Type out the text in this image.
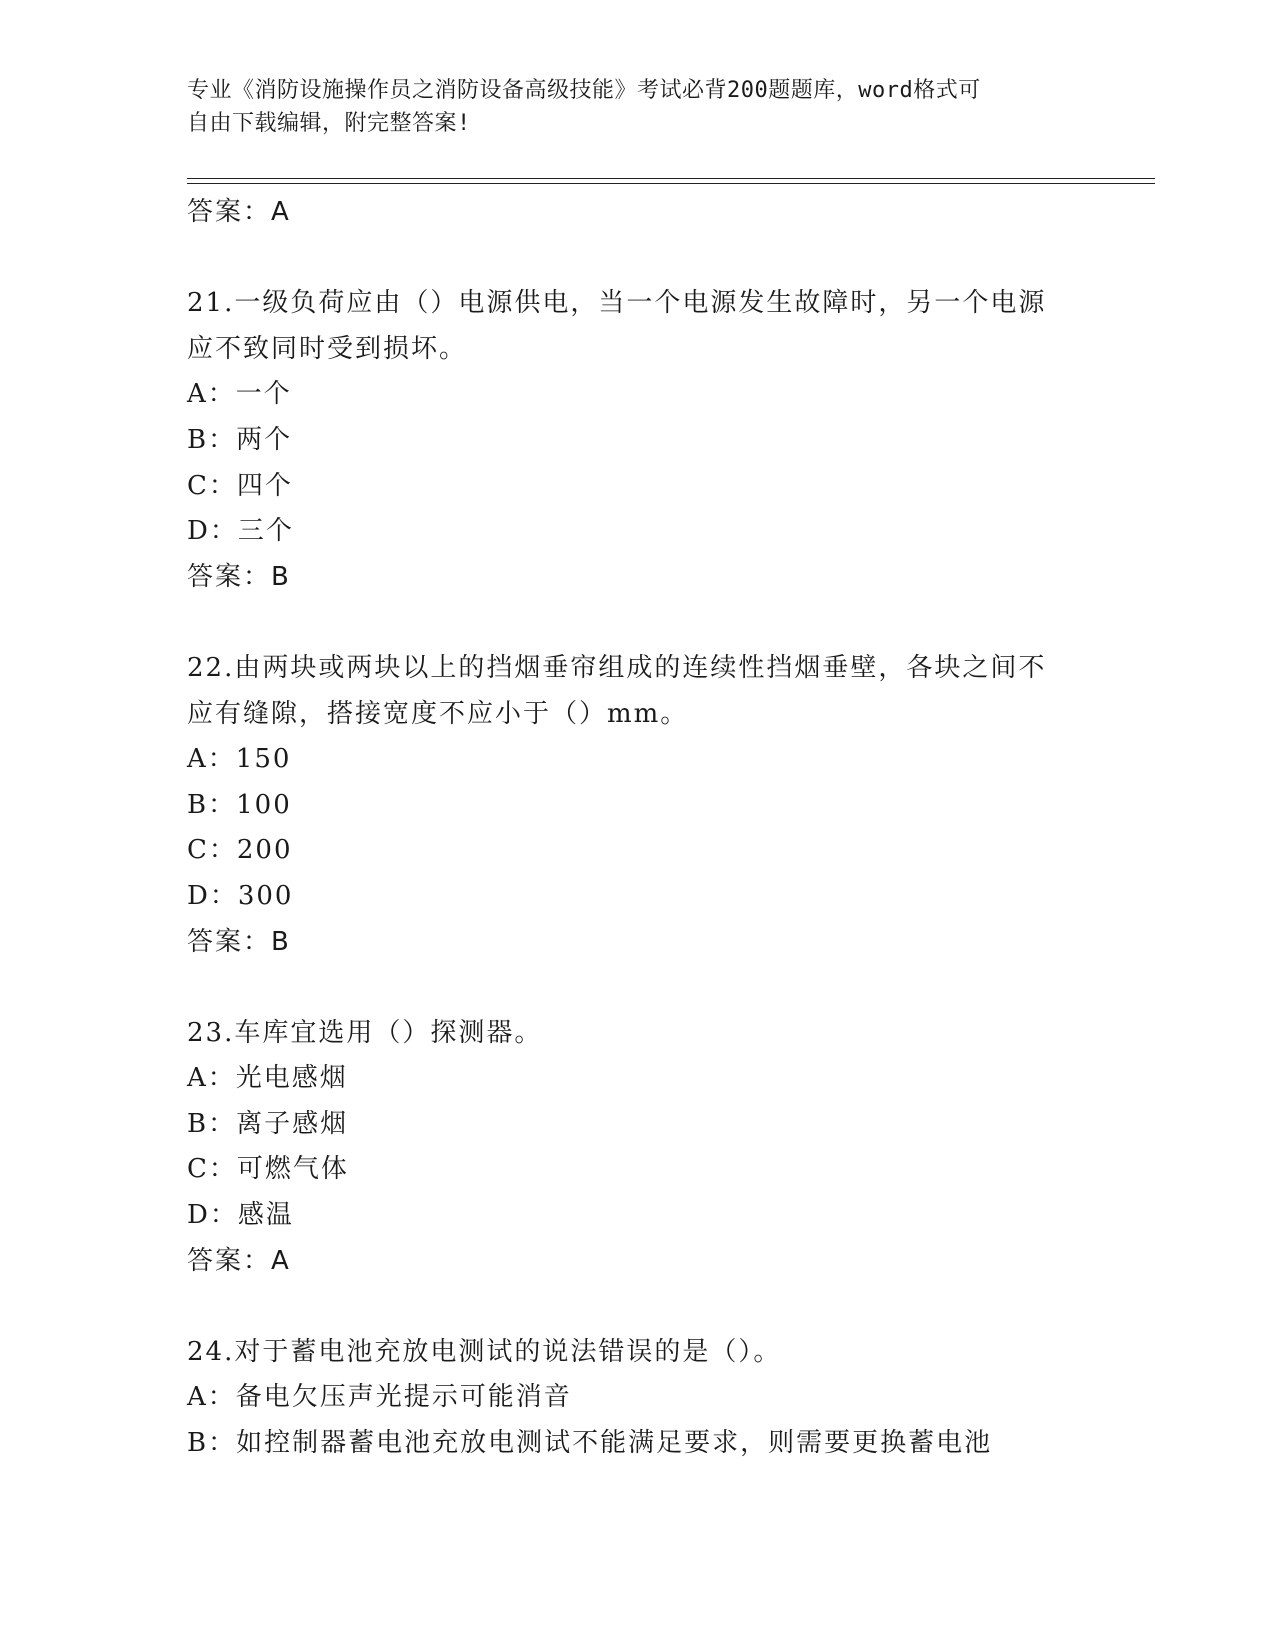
专业《消防设施操作员之消防设备高级技能》考试必背200题题库，word格式可
自由下载编辑，附完整答案!
答案：A
21.一级负荷应由（）电源供电，当一个电源发生故障时，另一个电源
应不致同时受到损坏。
A：一个
B：两个
C：四个
D：三个
答案：B
22.由两块或两块以上的挡烟垂帘组成的连续性挡烟垂壁，各块之间不
应有缝隙，搭接宽度不应小于（）mm。
A：150
B：100
C：200
D：300
答案：B
23.车库宜选用（）探测器。
A：光电感烟
B：离子感烟
C：可燃气体
D：感温
答案：A
24.对于蓄电池充放电测试的说法错误的是（）。
A：备电欠压声光提示可能消音
B：如控制器蓄电池充放电测试不能满足要求，则需要更换蓄电池
